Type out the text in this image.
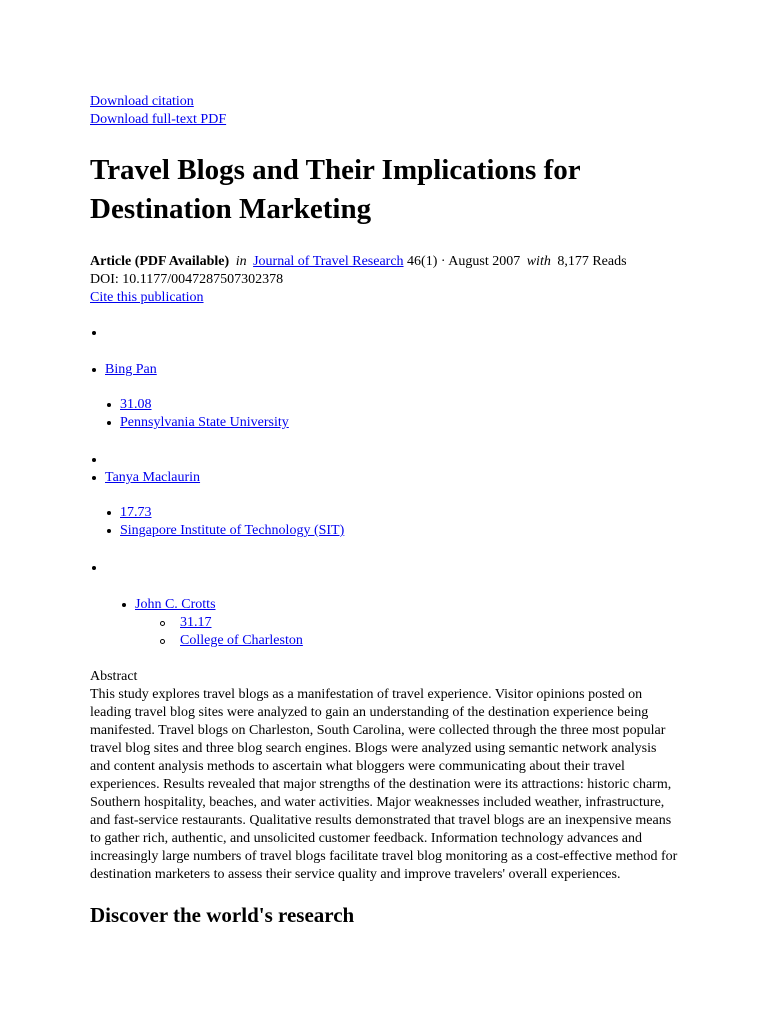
Download citation
Download full-text PDF
Travel Blogs and Their Implications for Destination Marketing
Article (PDF Available) in Journal of Travel Research 46(1) · August 2007 with 8,177 Reads
DOI: 10.1177/0047287507302378
Cite this publication
Bing Pan
31.08
Pennsylvania State University
Tanya Maclaurin
17.73
Singapore Institute of Technology (SIT)
John C. Crotts
31.17
College of Charleston
Abstract
This study explores travel blogs as a manifestation of travel experience. Visitor opinions posted on leading travel blog sites were analyzed to gain an understanding of the destination experience being manifested. Travel blogs on Charleston, South Carolina, were collected through the three most popular travel blog sites and three blog search engines. Blogs were analyzed using semantic network analysis and content analysis methods to ascertain what bloggers were communicating about their travel experiences. Results revealed that major strengths of the destination were its attractions: historic charm, Southern hospitality, beaches, and water activities. Major weaknesses included weather, infrastructure, and fast-service restaurants. Qualitative results demonstrated that travel blogs are an inexpensive means to gather rich, authentic, and unsolicited customer feedback. Information technology advances and increasingly large numbers of travel blogs facilitate travel blog monitoring as a cost-effective method for destination marketers to assess their service quality and improve travelers' overall experiences.
Discover the world's research
